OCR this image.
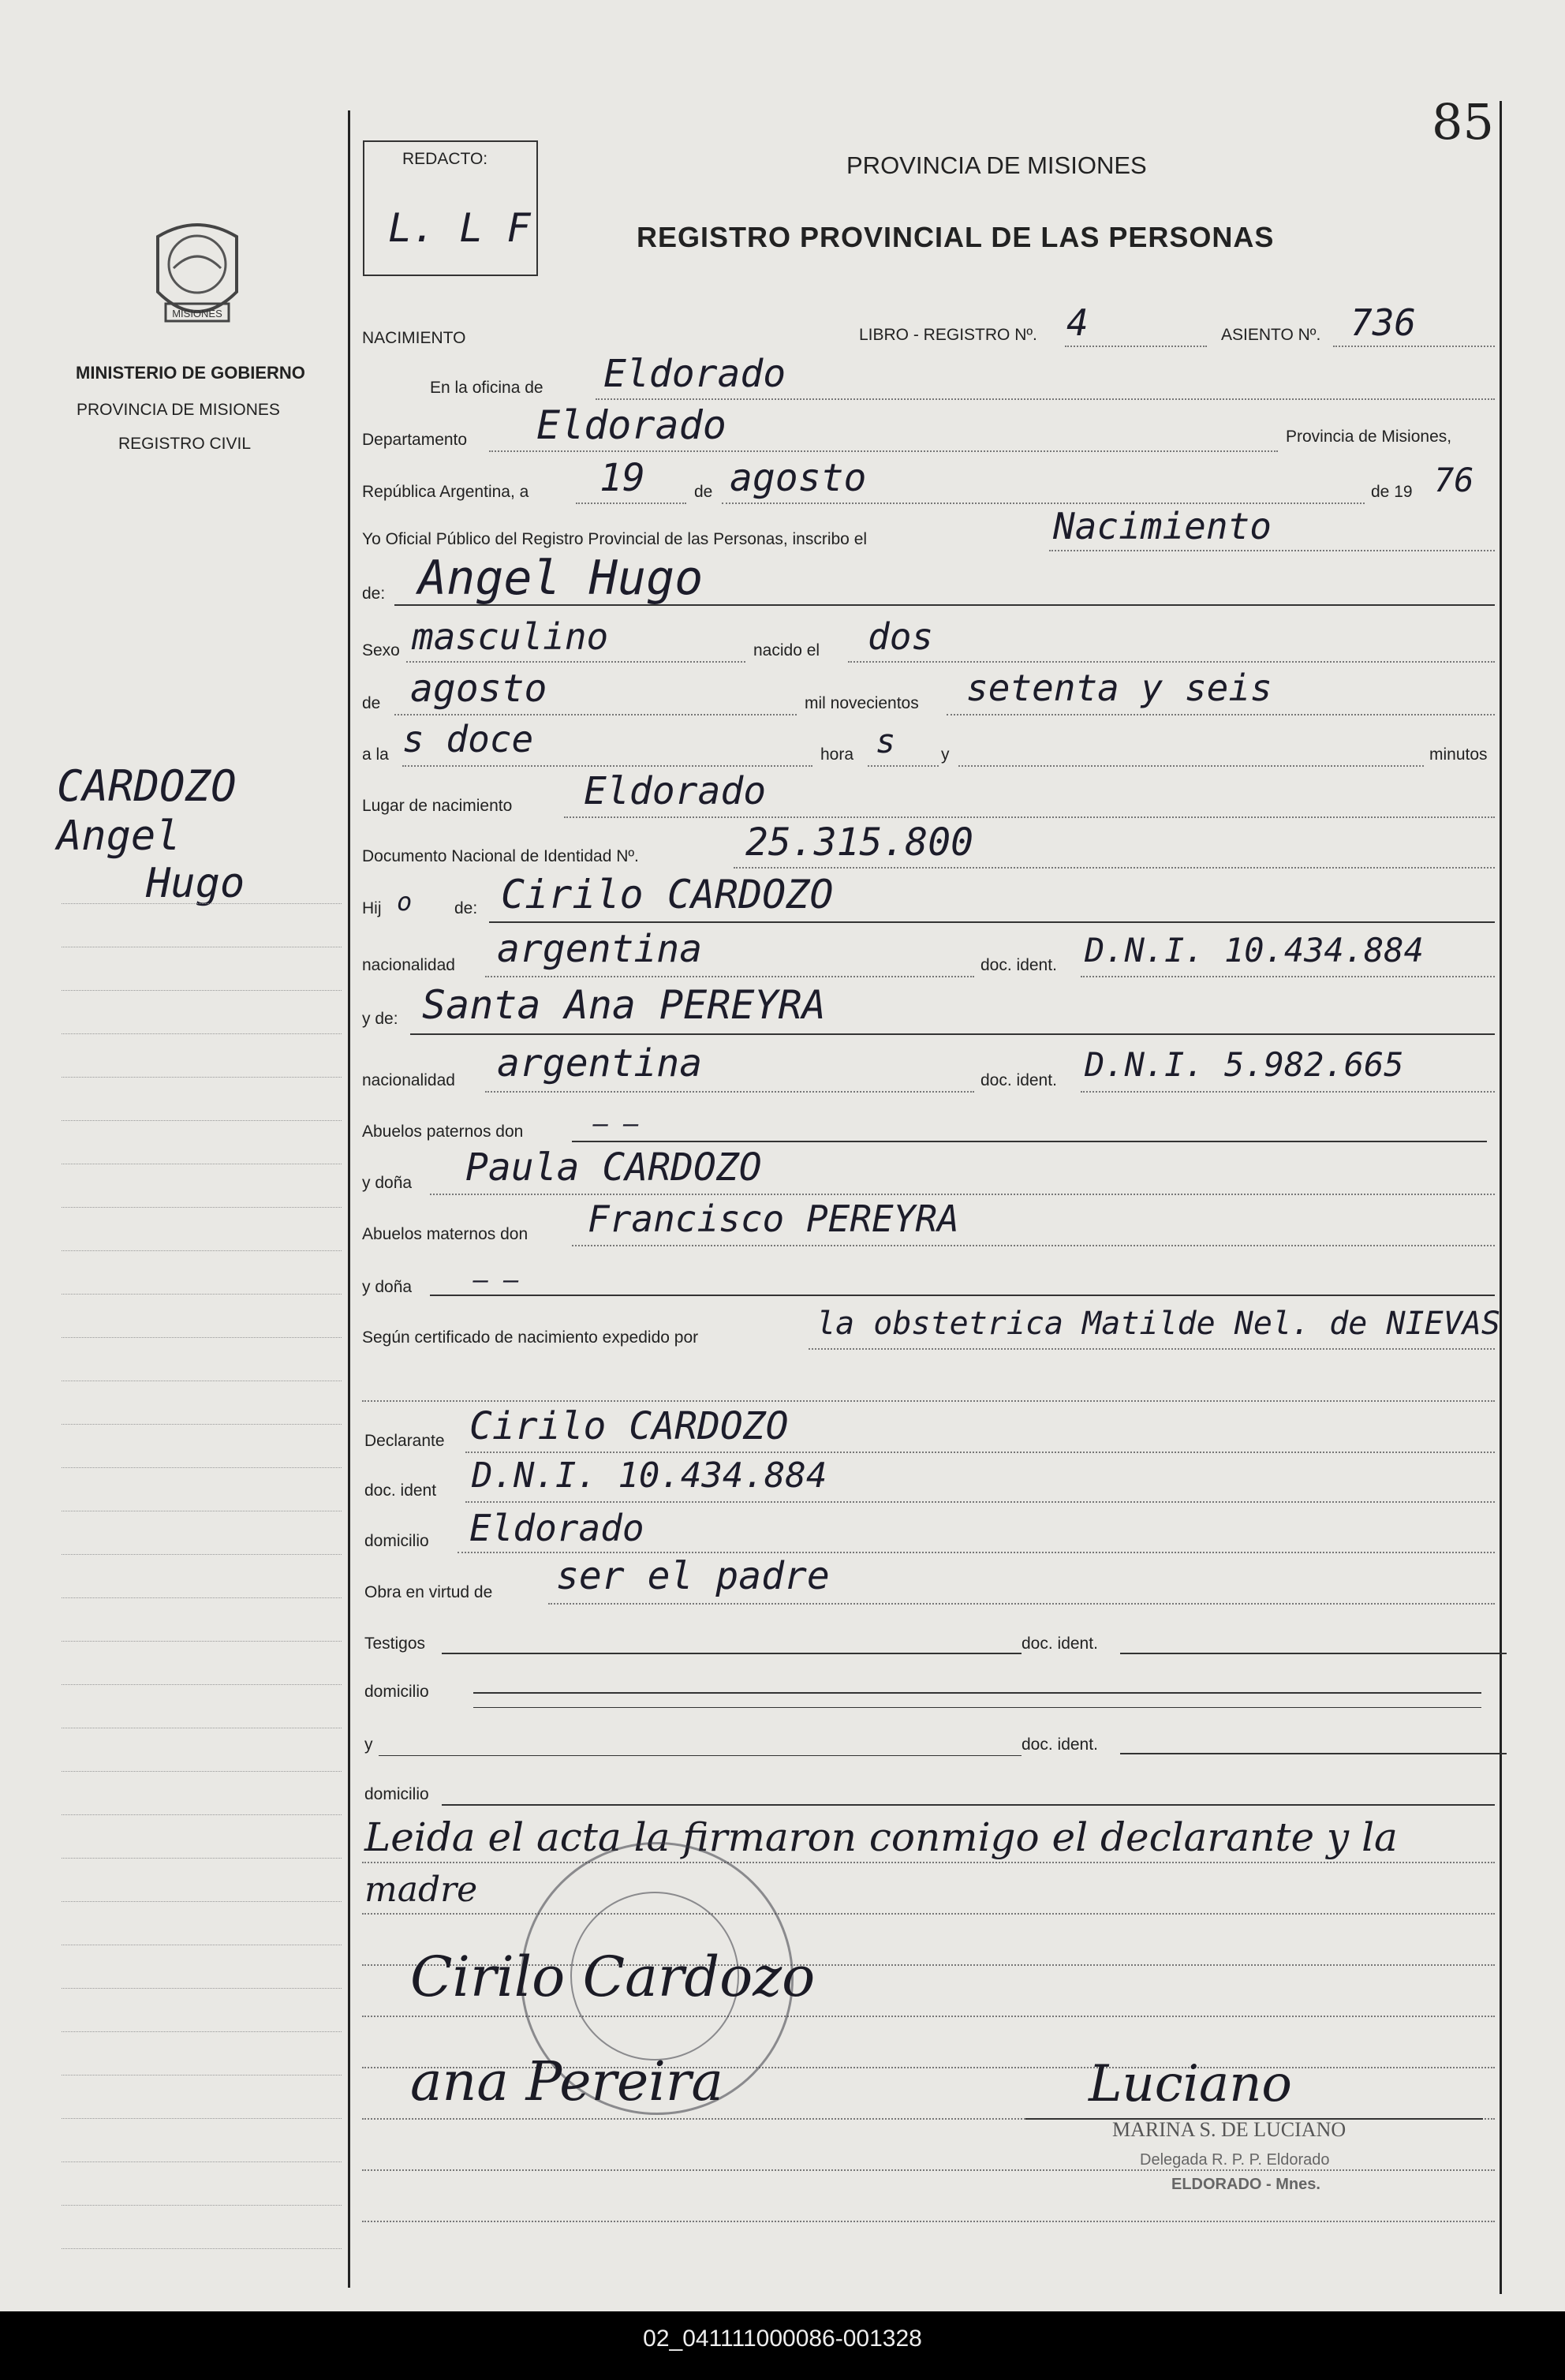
85
REDACTO:
L. L F
PROVINCIA DE MISIONES
REGISTRO PROVINCIAL DE LAS PERSONAS
MISIONES
MINISTERIO DE GOBIERNO
PROVINCIA DE MISIONES
REGISTRO CIVIL
CARDOZO
Angel
Hugo
NACIMIENTO	LIBRO - REGISTRO Nº. 4	ASIENTO Nº. 736
En la oficina de Eldorado
Departamento Eldorado	Provincia de Misiones,
República Argentina, a 19	de agosto	de 19 76
Yo Oficial Público del Registro Provincial de las Personas, inscribo el	Nacimiento
de: Angel Hugo
Sexo masculino	nacido el dos
de agosto	mil novecientos setenta y seis
a la s doce	hora s	y	minutos
Lugar de nacimiento Eldorado
Documento Nacional de Identidad Nº.	25.315.800
Hij o	de: Cirilo CARDOZO
nacionalidad argentina	doc. ident. D.N.I. 10.434.884
y de: Santa Ana PEREYRA
nacionalidad argentina	doc. ident. D.N.I. 5.982.665
Abuelos paternos don	— —
y doña Paula CARDOZO
Abuelos maternos don Francisco PEREYRA
y doña — —
Según certificado de nacimiento expedido por	la obstetrica Matilde Nel. de NIEVAS
Declarante Cirilo CARDOZO
doc. ident D.N.I. 10.434.884
domicilio Eldorado
Obra en virtud de ser el padre
Testigos	doc. ident.
domicilio
y	doc. ident.
domicilio
Leida el acta la firmaron conmigo el declarante y la
madre
Cirilo Cardozo
ana Pereira	Luciano
MARINA S. DE LUCIANO
Delegada R. P. P. Eldorado
ELDORADO - Mnes.
02_041111000086-001328
